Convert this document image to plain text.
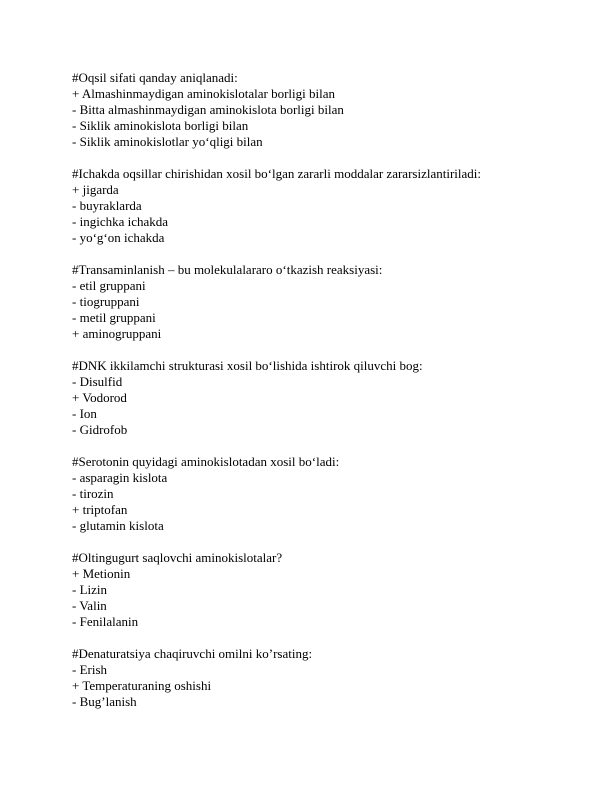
#Oqsil sifati qanday aniqlanadi:
+ Almashinmaydigan aminokislotalar borligi bilan
- Bitta almashinmaydigan aminokislota borligi bilan
- Siklik aminokislota borligi bilan
- Siklik aminokislotlar yo‘qligi bilan
#Ichakda oqsillar chirishidan xosil bo‘lgan zararli moddalar zararsizlantiriladi:
+ jigarda
- buyraklarda
- ingichka ichakda
- yo‘g‘on ichakda
#Transaminlanish – bu molekulalararo o‘tkazish reaksiyasi:
- etil gruppani
- tiogruppani
- metil gruppani
+ aminogruppani
#DNK ikkilamchi strukturasi xosil bo‘lishida ishtirok qiluvchi bog:
- Disulfid
+ Vodorod
- Ion
- Gidrofob
#Serotonin quyidagi aminokislotadan xosil bo‘ladi:
- asparagin kislota
- tirozin
+ triptofan
- glutamin kislota
#Oltingugurt saqlovchi aminokislotalar?
+ Metionin
- Lizin
- Valin
- Fenilalanin
#Denaturatsiya chaqiruvchi omilni ko’rsating:
- Erish
+ Temperaturaning oshishi
- Bug’lanish
